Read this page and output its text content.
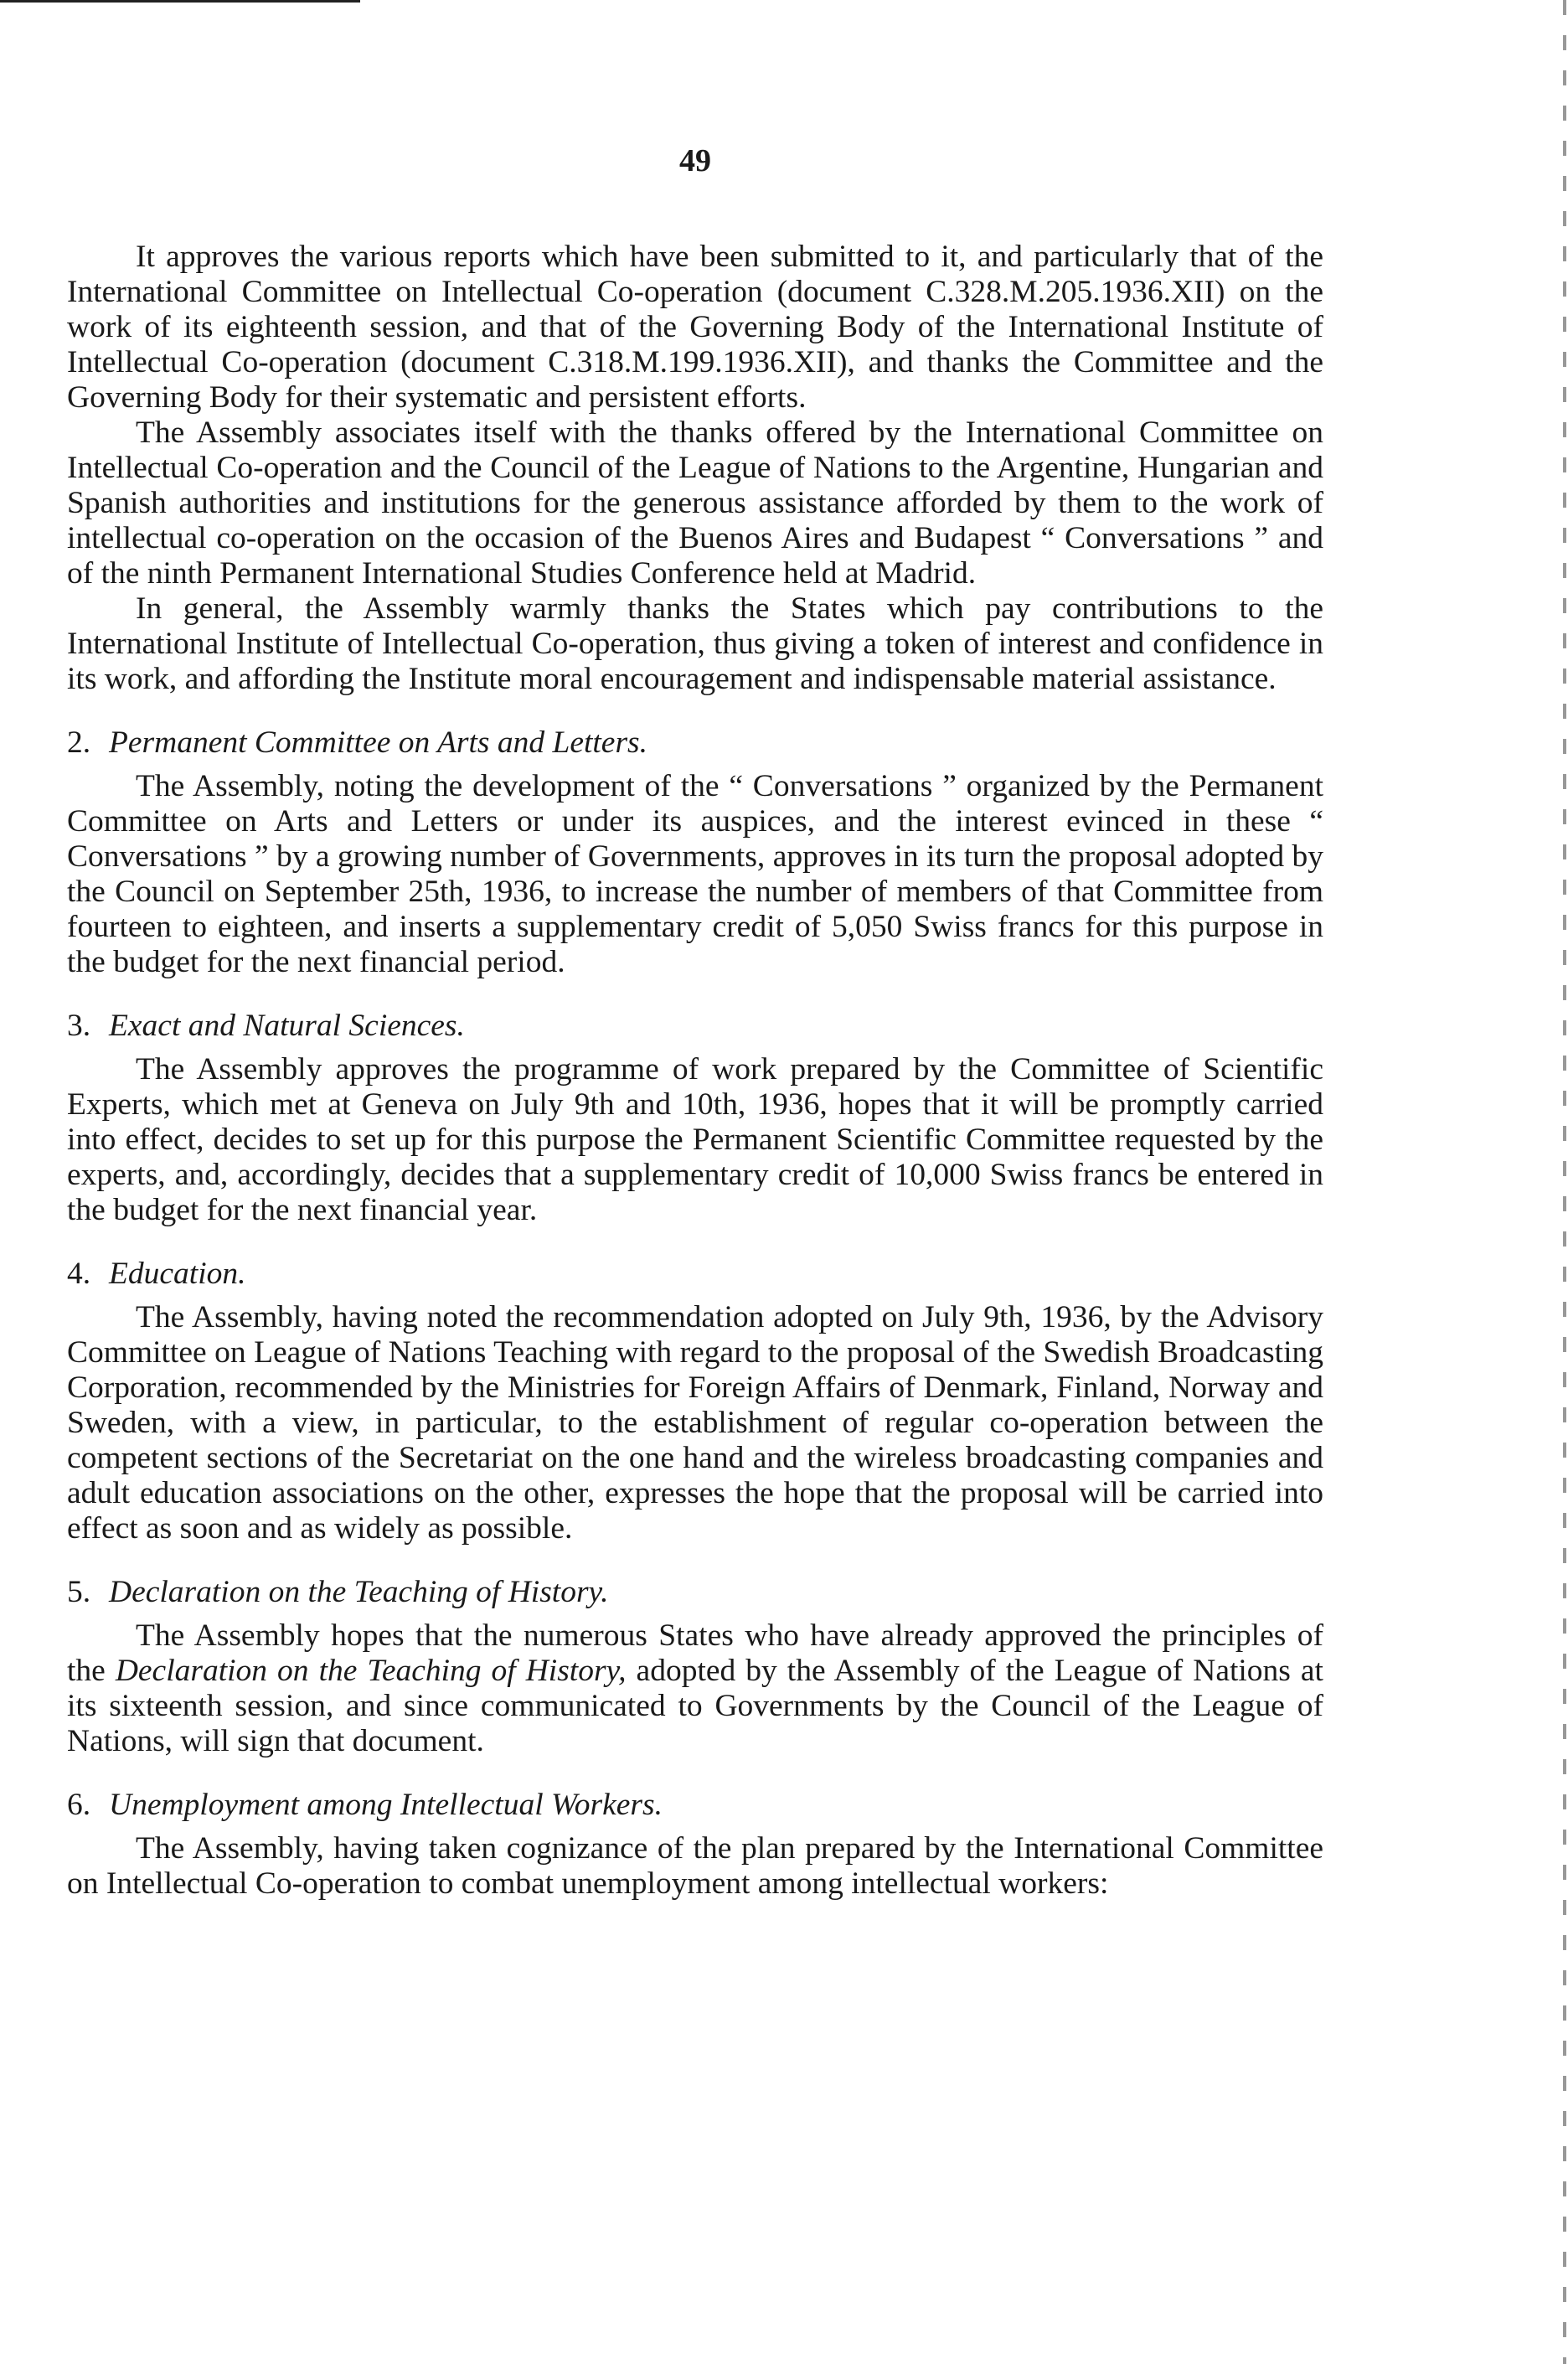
49

It approves the various reports which have been submitted to it, and particularly that of the International Committee on Intellectual Co-operation (document C.328.M.205.1936.XII) on the work of its eighteenth session, and that of the Governing Body of the International Institute of Intellectual Co-operation (document C.318.M.199.1936.XII), and thanks the Committee and the Governing Body for their systematic and persistent efforts.

The Assembly associates itself with the thanks offered by the International Committee on Intellectual Co-operation and the Council of the League of Nations to the Argentine, Hungarian and Spanish authorities and institutions for the generous assistance afforded by them to the work of intellectual co-operation on the occasion of the Buenos Aires and Budapest “ Conversations ” and of the ninth Permanent International Studies Conference held at Madrid.

In general, the Assembly warmly thanks the States which pay contributions to the International Institute of Intellectual Co-operation, thus giving a token of interest and confidence in its work, and affording the Institute moral encouragement and indispensable material assistance.

2. Permanent Committee on Arts and Letters.

The Assembly, noting the development of the “ Conversations ” organized by the Permanent Committee on Arts and Letters or under its auspices, and the interest evinced in these “ Conversations ” by a growing number of Governments, approves in its turn the proposal adopted by the Council on September 25th, 1936, to increase the number of members of that Committee from fourteen to eighteen, and inserts a supplementary credit of 5,050 Swiss francs for this purpose in the budget for the next financial period.

3. Exact and Natural Sciences.

The Assembly approves the programme of work prepared by the Committee of Scientific Experts, which met at Geneva on July 9th and 10th, 1936, hopes that it will be promptly carried into effect, decides to set up for this purpose the Permanent Scientific Committee requested by the experts, and, accordingly, decides that a supplementary credit of 10,000 Swiss francs be entered in the budget for the next financial year.

4. Education.

The Assembly, having noted the recommendation adopted on July 9th, 1936, by the Advisory Committee on League of Nations Teaching with regard to the proposal of the Swedish Broadcasting Corporation, recommended by the Ministries for Foreign Affairs of Denmark, Finland, Norway and Sweden, with a view, in particular, to the establishment of regular co-operation between the competent sections of the Secretariat on the one hand and the wireless broadcasting companies and adult education associations on the other, expresses the hope that the proposal will be carried into effect as soon and as widely as possible.

5. Declaration on the Teaching of History.

The Assembly hopes that the numerous States who have already approved the principles of the Declaration on the Teaching of History, adopted by the Assembly of the League of Nations at its sixteenth session, and since communicated to Governments by the Council of the League of Nations, will sign that document.

6. Unemployment among Intellectual Workers.

The Assembly, having taken cognizance of the plan prepared by the International Committee on Intellectual Co-operation to combat unemployment among intellectual workers:
